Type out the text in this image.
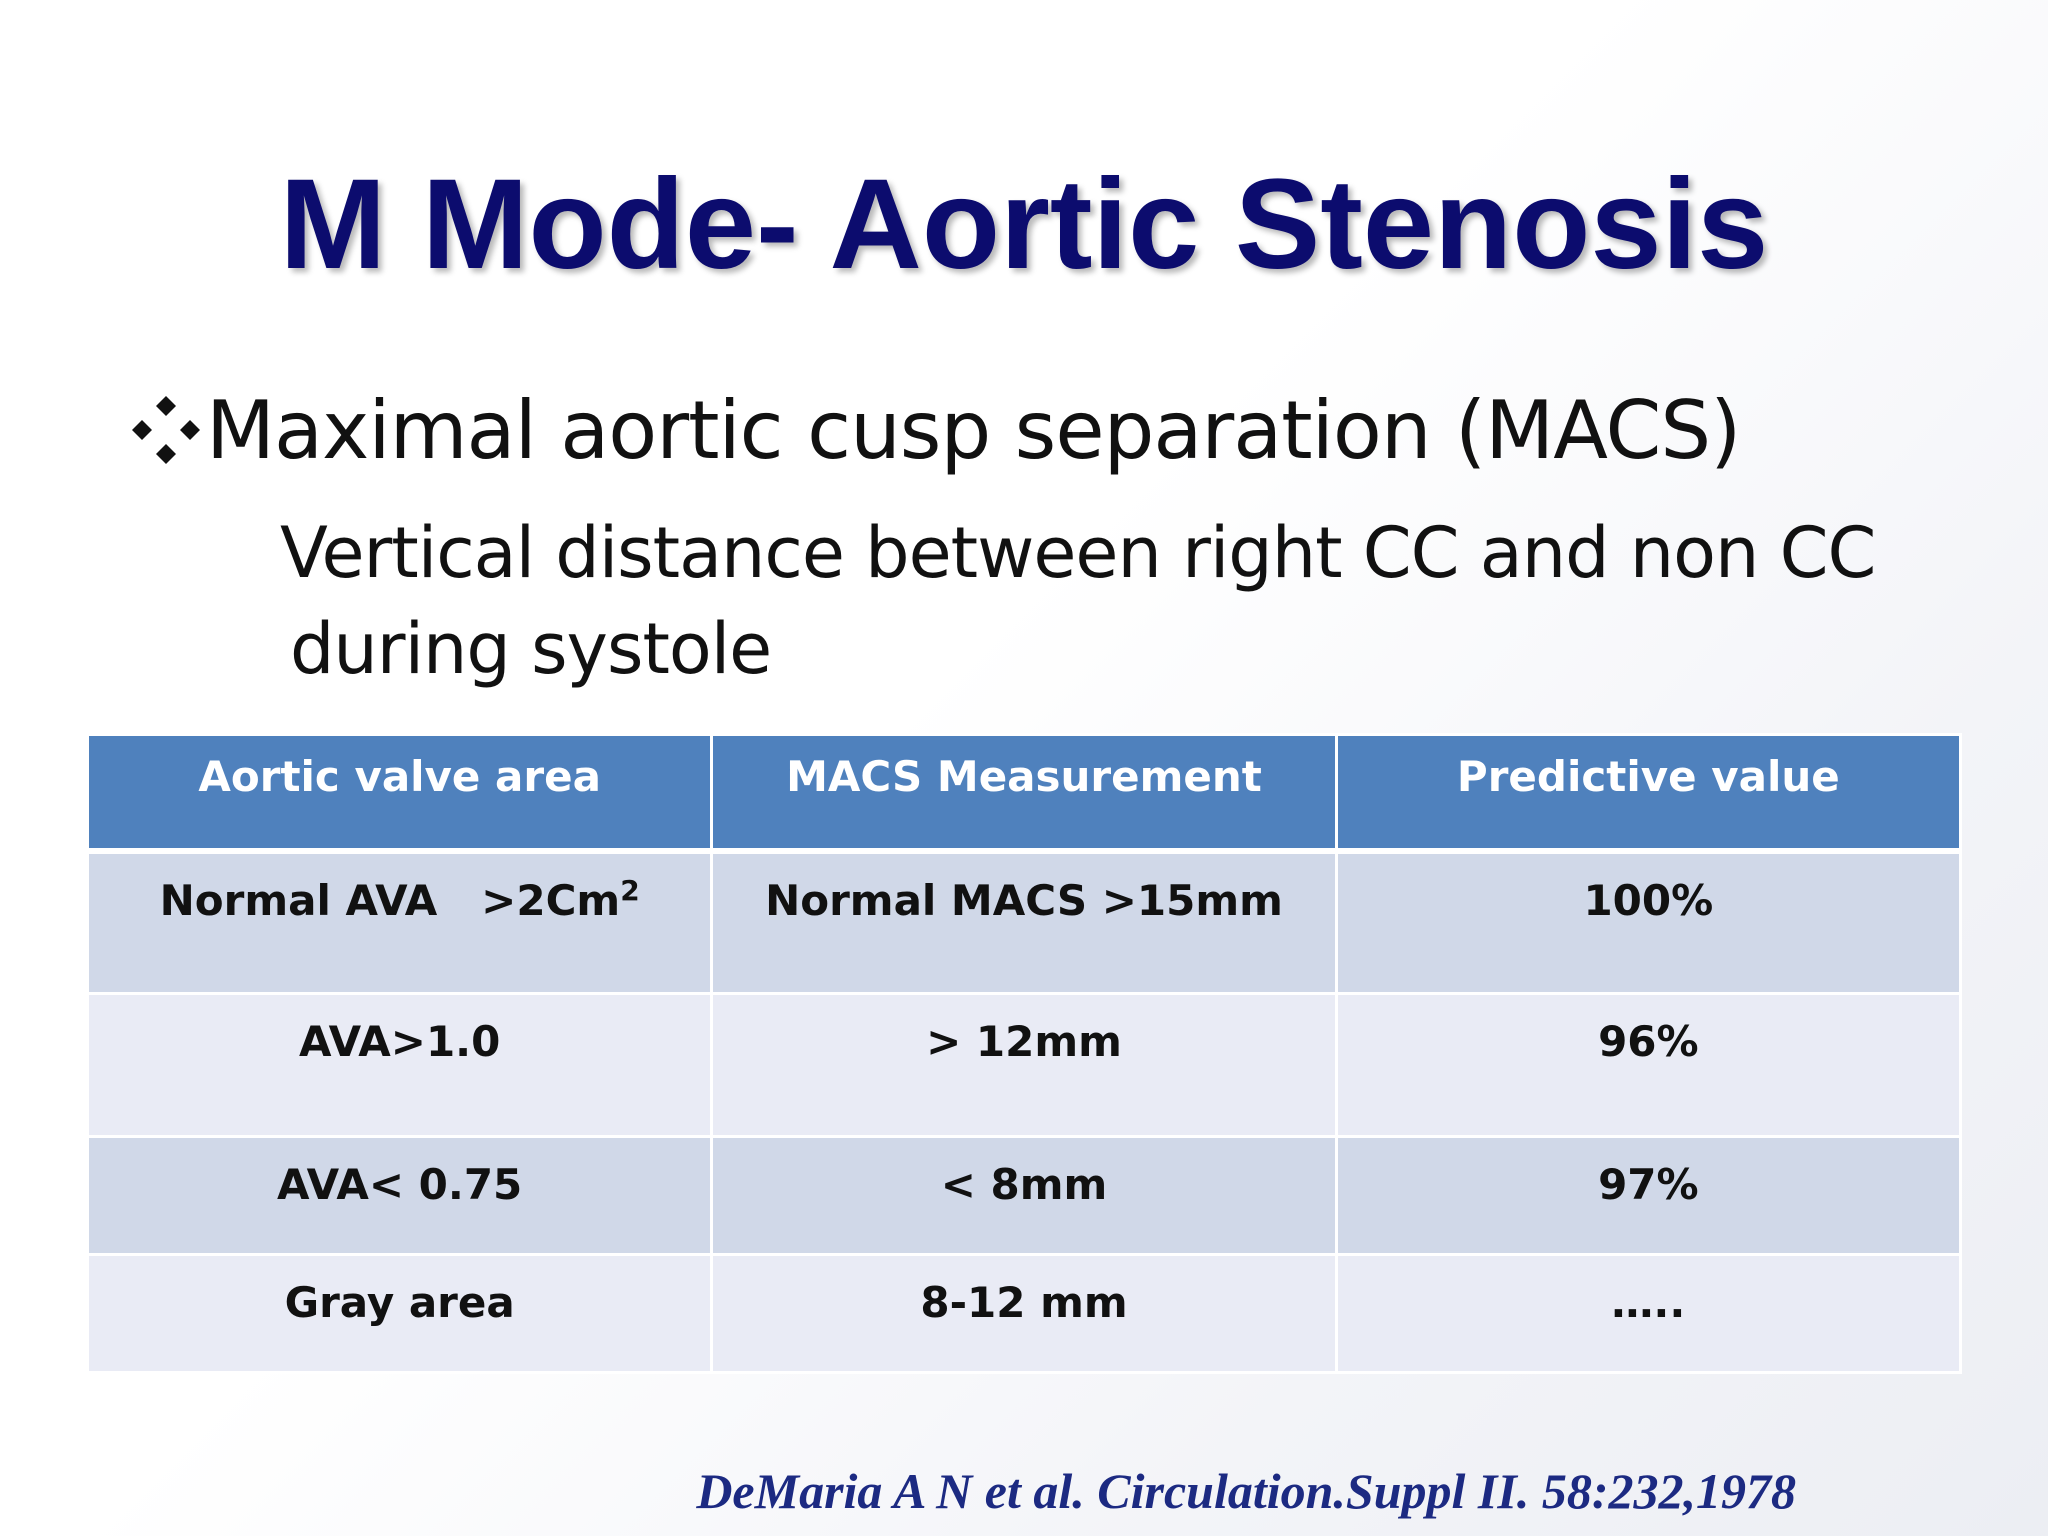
M Mode- Aortic Stenosis
Maximal aortic cusp separation (MACS)
Vertical distance between right CC and non CC
during systole
Aortic valve area	MACS Measurement	Predictive value
Normal AVA   $>2Cm^2$	Normal MACS >15mm	100%
AVA>1.0	> 12mm	96%
AVA< 0.75	< 8mm	97%
Gray area	8-12 mm	…..
DeMaria A N et al. Circulation.Suppl II. 58:232,1978
